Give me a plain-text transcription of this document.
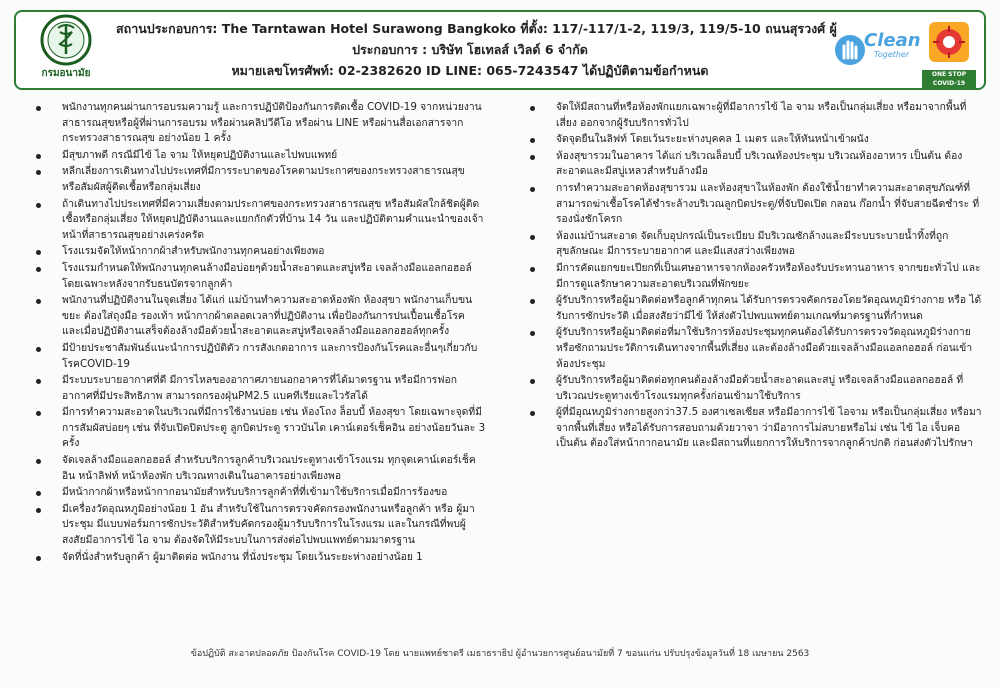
กรมอนามัย
สถานประกอบการ: The Tarntawan Hotel Surawong Bangkoko ที่ตั้ง: 117/-117/1-2, 119/3, 119/5-10 ถนนสุรวงศ์ ผู้
ประกอบการ : บริษัท โฮเทลส์ เวิลด์ 6 จำกัด
หมายเลขโทรศัพท์: 02-2382620 ID LINE: 065-7243547 ได้ปฏิบัติตามข้อกำหนด
Clean
Together
ONE STOP COVID-19
พนักงานทุกคนผ่านการอบรมความรู้ และการปฏิบัติป้องกันการติดเชื้อ COVID-19 จากหน่วยงานสาธารณสุขหรือผู้ที่ผ่านการอบรม หรือผ่านคลิปวีดีโอ หรือผ่าน LINE หรือผ่านสื่อเอกสารจากกระทรวงสาธารณสุข อย่างน้อย 1 ครั้ง
มีสุขภาพดี กรณีมีไข้ ไอ จาม ให้หยุดปฏิบัติงานและไปพบแพทย์
หลีกเลี่ยงการเดินทางไปประเทศที่มีการระบาดของโรคตามประกาศของกระทรวงสาธารณสุข หรือสัมผัสผู้ติดเชื้อหรือกลุ่มเสี่ยง
ถ้าเดินทางไปประเทศที่มีความเสี่ยงตามประกาศของกระทรวงสาธารณสุข หรือสัมผัสใกล้ชิดผู้ติดเชื้อหรือกลุ่มเสี่ยง ให้หยุดปฏิบัติงานและแยกกักตัวที่บ้าน 14 วัน และปฏิบัติตามคำแนะนำของเจ้าหน้าที่สาธารณสุขอย่างเคร่งครัด
โรงแรมจัดให้หน้ากากผ้าสำหรับพนักงานทุกคนอย่างเพียงพอ
โรงแรมกำหนดให้พนักงานทุกคนล้างมือบ่อยๆด้วยน้ำสะอาดและสบู่หรือ เจลล้างมือแอลกอฮอล์ โดยเฉพาะหลังจากรับธนบัตรจากลูกค้า
พนักงานที่ปฏิบัติงานในจุดเสี่ยง ได้แก่ แม่บ้านทำความสะอาดห้องพัก ห้องสุขา พนักงานเก็บขนขยะ ต้องใส่ถุงมือ รองเท้า หน้ากากผ้าตลอดเวลาที่ปฏิบัติงาน เพื่อป้องกันการปนเปื้อนเชื้อโรค และเมื่อปฏิบัติงานเสร็จต้องล้างมือด้วยน้ำสะอาดและสบู่หรือเจลล้างมือแอลกอฮอล์ทุกครั้ง
มีป้ายประชาสัมพันธ์แนะนำการปฏิบัติตัว การสังเกตอาการ และการป้องกันโรคและอื่นๆเกี่ยวกับโรคCOVID-19
มีระบบระบายอากาศที่ดี มีการไหลของอากาศภายนอกอาคารที่ได้มาตรฐาน หรือมีการฟอกอากาศที่มีประสิทธิภาพ สามารถกรองฝุ่นPM2.5 แบคทีเรียและไวรัสได้
มีการทำความสะอาดในบริเวณที่มีการใช้งานบ่อย เช่น ห้องโถง ล็อบบี้ ห้องสุขา โดยเฉพาะจุดที่มีการสัมผัสบ่อยๆ เช่น ที่จับเปิดปิดประตู ลูกบิดประตู ราวบันได เคาน์เตอร์เช็คอิน อย่างน้อยวันละ 3 ครั้ง
จัดเจลล้างมือแอลกอฮอล์ สำหรับบริการลูกค้าบริเวณประตูทางเข้าโรงแรม ทุกจุดเคาน์เตอร์เช็คอิน หน้าลิฟท์ หน้าห้องพัก บริเวณทางเดินในอาคารอย่างเพียงพอ
มีหน้ากากผ้าหรือหน้ากากอนามัยสำหรับบริการลูกค้าที่ที่เข้ามาใช้บริการเมื่อมีการร้องขอ
มีเครื่องวัดอุณหภูมิอย่างน้อย 1 อัน สำหรับใช้ในการตรวจคัดกรองพนักงานหรือลูกค้า หรือ ผู้มาประชุม มีแบบฟอร์มการซักประวัติสำหรับคัดกรองผู้มารับบริการในโรงแรม และในกรณีที่พบผู้สงสัยมีอาการไข้ ไอ จาม ต้องจัดให้มีระบบในการส่งต่อไปพบแพทย์ตามมาตรฐาน
จัดที่นั่งสำหรับลูกค้า ผู้มาติดต่อ พนักงาน ที่นั่งประชุม โดยเว้นระยะห่างอย่างน้อย 1
จัดให้มีสถานที่หรือห้องพักแยกเฉพาะผู้ที่มีอาการไข้ ไอ จาม หรือเป็นกลุ่มเสี่ยง หรือมาจากพื้นที่เสี่ยง ออกจากผู้รับบริการทั่วไป
จัดจุดยืนในลิฟท์ โดยเว้นระยะห่างบุคคล 1 เมตร และให้หันหน้าเข้าผนัง
ห้องสุขารวมในอาคาร ได้แก่ บริเวณล็อบบี้ บริเวณห้องประชุม บริเวณห้องอาหาร เป็นต้น ต้องสะอาดและมีสบู่เหลวสำหรับล้างมือ
การทำความสะอาดห้องสุขารวม และห้องสุขาในห้องพัก ต้องใช้น้ำยาทำความสะอาดสุขภัณฑ์ที่สามารถฆ่าเชื้อโรคได้ชำระล้างบริเวณลูกบิดประตู/ที่จับปิดเปิด กลอน ก๊อกน้ำ ที่จับสายฉีดชำระ ที่รองนั่งชักโครก
ห้องแม่บ้านสะอาด จัดเก็บอุปกรณ์เป็นระเบียบ มีบริเวณซักล้างและมีระบบระบายน้ำทิ้งที่ถูกสุขลักษณะ มีการระบายอากาศ และมีแสงสว่างเพียงพอ
มีการคัดแยกขยะเปียกที่เป็นเศษอาหารจากห้องครัวหรือห้องรับประทานอาหาร จากขยะทั่วไป และมีการดูแลรักษาความสะอาดบริเวณที่พักขยะ
ผู้รับบริการหรือผู้มาติดต่อหรือลูกค้าทุกคน ได้รับการตรวจคัดกรองโดยวัดอุณหภูมิร่างกาย หรือ ได้รับการซักประวัติ เมื่อสงสัยว่ามีไข้ ให้ส่งตัวไปพบแพทย์ตามเกณฑ์มาตรฐานที่กำหนด
ผู้รับบริการหรือผู้มาติดต่อที่มาใช้บริการห้องประชุมทุกคนต้องได้รับการตรวจวัดอุณหภูมิร่างกาย หรือซักถามประวัติการเดินทางจากพื้นที่เสี่ยง และต้องล้างมือด้วยเจลล้างมือแอลกอฮอล์ ก่อนเข้าห้องประชุม
ผู้รับบริการหรือผู้มาติดต่อทุกคนต้องล้างมือด้วยน้ำสะอาดและสบู่ หรือเจลล้างมือแอลกอฮอล์ ที่บริเวณประตูทางเข้าโรงแรมทุกครั้งก่อนเข้ามาใช้บริการ
ผู้ที่มีอุณหภูมิร่างกายสูงกว่า37.5 องศาเซลเซียส หรือมีอาการไข้ ไอจาม หรือเป็นกลุ่มเสี่ยง หรือมาจากพื้นที่เสี่ยง หรือได้รับการสอบถามด้วยวาจา ว่ามีอาการไม่สบายหรือไม่ เช่น ไข้ ไอ เจ็บคอ เป็นต้น ต้องใส่หน้ากากอนามัย และมีสถานที่แยกการให้บริการจากลูกค้าปกติ ก่อนส่งตัวไปรักษา
ข้อปฏิบัติ สะอาดปลอดภัย ป้องกันโรค COVID-19 โดย นายแพทย์ชาตรี เมธาธราธิป ผู้อำนวยการศูนย์อนามัยที่ 7 ขอนแก่น ปรับปรุงข้อมูลวันที่ 18 เมษายน 2563
